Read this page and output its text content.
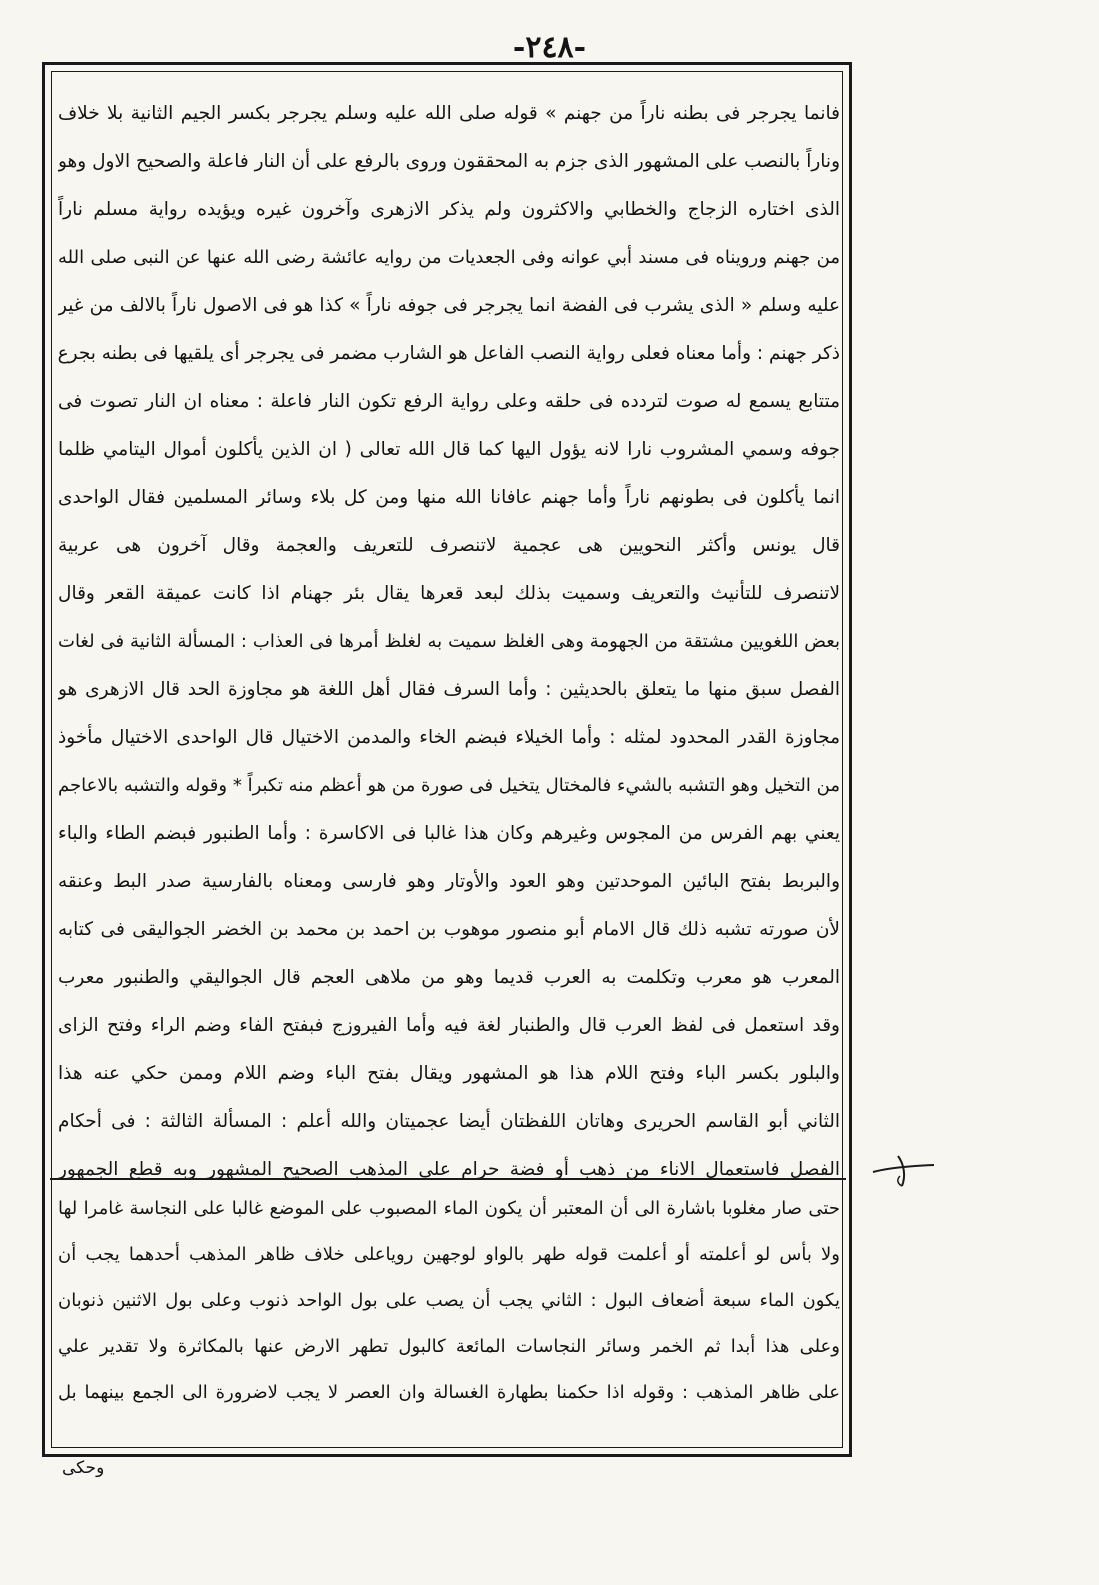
-٢٤٨-

فانما يجرجر فى بطنه ناراً من جهنم » قوله صلى الله عليه وسلم يجرجر بكسر الجيم الثانية بلا خلاف

وناراً بالنصب على المشهور الذى جزم به المحققون وروى بالرفع على أن النار فاعلة والصحيح الاول وهو

الذى اختاره الزجاج والخطابي والاكثرون ولم يذكر الازهرى وآخرون غيره ويؤيده رواية مسلم ناراً

من جهنم ورويناه فى مسند أبي عوانه وفى الجعديات من روايه عائشة رضى الله عنها عن النبى صلى الله

عليه وسلم « الذى يشرب فى الفضة انما يجرجر فى جوفه ناراً » كذا هو فى الاصول ناراً بالالف من غير

ذكر جهنم : وأما معناه فعلى رواية النصب الفاعل هو الشارب مضمر فى يجرجر أى يلقيها فى بطنه بجرع

متتابع يسمع له صوت لتردده فى حلقه وعلى رواية الرفع تكون النار فاعلة : معناه ان النار تصوت فى

جوفه وسمي المشروب نارا لانه يؤول اليها كما قال الله تعالى ( ان الذين يأكلون أموال اليتامي ظلما

انما يأكلون فى بطونهم ناراً وأما جهنم عافانا الله منها ومن كل بلاء وسائر المسلمين فقال الواحدى

قال يونس وأكثر النحويين هى عجمية لاتنصرف للتعريف والعجمة وقال آخرون هى عربية

لاتنصرف للتأنيث والتعريف وسميت بذلك لبعد قعرها يقال بئر جهنام اذا كانت عميقة القعر وقال

بعض اللغويين مشتقة من الجهومة وهى الغلظ سميت به لغلظ أمرها فى العذاب : المسألة الثانية فى لغات

الفصل سبق منها ما يتعلق بالحديثين : وأما السرف فقال أهل اللغة هو مجاوزة الحد قال الازهرى هو

مجاوزة القدر المحدود لمثله : وأما الخيلاء فبضم الخاء والمدمن الاختيال قال الواحدى الاختيال مأخوذ

من التخيل وهو التشبه بالشيء فالمختال يتخيل فى صورة من هو أعظم منه تكبراً * وقوله والتشبه بالاعاجم

يعني بهم الفرس من المجوس وغيرهم وكان هذا غالبا فى الاكاسرة : وأما الطنبور فبضم الطاء والباء

والبربط بفتح البائين الموحدتين وهو العود والأوتار وهو فارسى ومعناه بالفارسية صدر البط وعنقه

لأن صورته تشبه ذلك قال الامام أبو منصور موهوب بن احمد بن محمد بن الخضر الجواليقى فى كتابه

المعرب هو معرب وتكلمت به العرب قديما وهو من ملاهى العجم قال الجواليقي والطنبور معرب

وقد استعمل فى لفظ العرب قال والطنبار لغة فيه وأما الفيروزج فبفتح الفاء وضم الراء وفتح الزاى

والبلور بكسر الباء وفتح اللام هذا هو المشهور ويقال بفتح الباء وضم اللام وممن حكي عنه هذا

الثاني أبو القاسم الحريرى وهاتان اللفظتان أيضا عجميتان والله أعلم : المسألة الثالثة : فى أحكام

الفصل فاستعمال الاناء من ذهب أو فضة حرام علي المذهب الصحيح المشهور وبه قطع الجمهور

حتى صار مغلوبا باشارة الى أن المعتبر أن يكون الماء المصبوب على الموضع غالبا على النجاسة غامرا لها

ولا بأس لو أعلمته أو أعلمت قوله طهر بالواو لوجهين روياعلى خلاف ظاهر المذهب أحدهما يجب أن

يكون الماء سبعة أضعاف البول : الثاني يجب أن يصب على بول الواحد ذنوب وعلى بول الاثنين ذنوبان

وعلى هذا أبدا ثم الخمر وسائر النجاسات المائعة كالبول تطهر الارض عنها بالمكاثرة ولا تقدير علي

على ظاهر المذهب : وقوله اذا حكمنا بطهارة الغسالة وان العصر لا يجب لاضرورة الى الجمع بينهما بل

وحكى
